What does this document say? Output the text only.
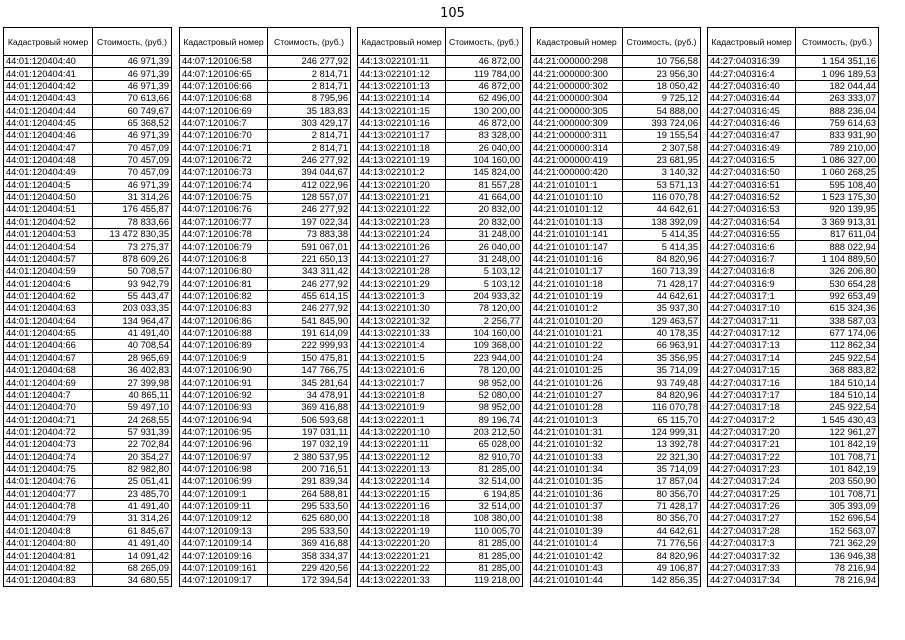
105
Кадастровый номер	Стоимость, (руб.)
44:01:120404:40	46 971,39
44:01:120404:41	46 971,39
44:01:120404:42	46 971,39
44:01:120404:43	70 613,66
44:01:120404:44	60 749,67
44:01:120404:45	65 368,52
44:01:120404:46	46 971,39
44:01:120404:47	70 457,09
44:01:120404:48	70 457,09
44:01:120404:49	70 457,09
44:01:120404:5	46 971,39
44:01:120404:50	31 314,26
44:01:120404:51	176 455,87
44:01:120404:52	78 833,66
44:01:120404:53	13 472 830,35
44:01:120404:54	73 275,37
44:01:120404:57	878 609,26
44:01:120404:59	50 708,57
44:01:120404:6	93 942,79
44:01:120404:62	55 443,47
44:01:120404:63	203 033,35
44:01:120404:64	134 964,47
44:01:120404:65	41 491,40
44:01:120404:66	40 708,54
44:01:120404:67	28 965,69
44:01:120404:68	36 402,83
44:01:120404:69	27 399,98
44:01:120404:7	40 865,11
44:01:120404:70	59 497,10
44:01:120404:71	24 268,55
44:01:120404:72	57 931,39
44:01:120404:73	22 702,84
44:01:120404:74	20 354,27
44:01:120404:75	82 982,80
44:01:120404:76	25 051,41
44:01:120404:77	23 485,70
44:01:120404:78	41 491,40
44:01:120404:79	31 314,26
44:01:120404:8	61 845,67
44:01:120404:80	41 491,40
44:01:120404:81	14 091,42
44:01:120404:82	68 265,09
44:01:120404:83	34 680,55
Кадастровый номер	Стоимость, (руб.)
44:07:120106:58	246 277,92
44:07:120106:65	2 814,71
44:07:120106:66	2 814,71
44:07:120106:68	8 795,96
44:07:120106:69	35 183,83
44:07:120106:7	303 429,17
44:07:120106:70	2 814,71
44:07:120106:71	2 814,71
44:07:120106:72	246 277,92
44:07:120106:73	394 044,67
44:07:120106:74	412 022,96
44:07:120106:75	128 557,07
44:07:120106:76	246 277,92
44:07:120106:77	197 022,34
44:07:120106:78	73 883,38
44:07:120106:79	591 067,01
44:07:120106:8	221 650,13
44:07:120106:80	343 311,42
44:07:120106:81	246 277,92
44:07:120106:82	455 614,15
44:07:120106:83	246 277,92
44:07:120106:86	541 845,90
44:07:120106:88	191 614,09
44:07:120106:89	222 999,93
44:07:120106:9	150 475,81
44:07:120106:90	147 766,75
44:07:120106:91	345 281,64
44:07:120106:92	34 478,91
44:07:120106:93	369 416,88
44:07:120106:94	506 593,68
44:07:120106:95	197 031,11
44:07:120106:96	197 032,19
44:07:120106:97	2 380 537,95
44:07:120106:98	200 716,51
44:07:120106:99	291 839,34
44:07:120109:1	264 588,81
44:07:120109:11	295 533,50
44:07:120109:12	625 680,00
44:07:120109:13	295 533,50
44:07:120109:14	369 416,88
44:07:120109:16	358 334,37
44:07:120109:161	229 420,56
44:07:120109:17	172 394,54
Кадастровый номер	Стоимость, (руб.)
44:13:022101:11	46 872,00
44:13:022101:12	119 784,00
44:13:022101:13	46 872,00
44:13:022101:14	62 496,00
44:13:022101:15	130 200,00
44:13:022101:16	46 872,00
44:13:022101:17	83 328,00
44:13:022101:18	26 040,00
44:13:022101:19	104 160,00
44:13:022101:2	145 824,00
44:13:022101:20	81 557,28
44:13:022101:21	41 664,00
44:13:022101:22	20 832,00
44:13:022101:23	20 832,00
44:13:022101:24	31 248,00
44:13:022101:26	26 040,00
44:13:022101:27	31 248,00
44:13:022101:28	5 103,12
44:13:022101:29	5 103,12
44:13:022101:3	204 933,32
44:13:022101:30	78 120,00
44:13:022101:32	2 256,77
44:13:022101:33	104 160,00
44:13:022101:4	109 368,00
44:13:022101:5	223 944,00
44:13:022101:6	78 120,00
44:13:022101:7	98 952,00
44:13:022101:8	52 080,00
44:13:022101:9	98 952,00
44:13:022201:1	89 196,74
44:13:022201:10	203 212,50
44:13:022201:11	65 028,00
44:13:022201:12	82 910,70
44:13:022201:13	81 285,00
44:13:022201:14	32 514,00
44:13:022201:15	6 194,85
44:13:022201:16	32 514,00
44:13:022201:18	108 380,00
44:13:022201:19	110 005,70
44:13:022201:20	81 285,00
44:13:022201:21	81 285,00
44:13:022201:22	81 285,00
44:13:022201:33	119 218,00
Кадастровый номер	Стоимость, (руб.)
44:21:000000:298	10 756,58
44:21:000000:300	23 956,30
44:21:000000:302	18 050,42
44:21:000000:304	9 725,12
44:21:000000:305	54 888,00
44:21:000000:309	393 724,06
44:21:000000:311	19 155,54
44:21:000000:314	2 307,58
44:21:000000:419	23 681,95
44:21:000000:420	3 140,32
44:21:010101:1	53 571,13
44:21:010101:10	116 070,78
44:21:010101:12	44 642,61
44:21:010101:13	138 392,09
44:21:010101:141	5 414,35
44:21:010101:147	5 414,35
44:21:010101:16	84 820,96
44:21:010101:17	160 713,39
44:21:010101:18	71 428,17
44:21:010101:19	44 642,61
44:21:010101:2	35 937,30
44:21:010101:20	129 463,57
44:21:010101:21	40 178,35
44:21:010101:22	66 963,91
44:21:010101:24	35 356,95
44:21:010101:25	35 714,09
44:21:010101:26	93 749,48
44:21:010101:27	84 820,96
44:21:010101:28	116 070,78
44:21:010101:3	65 115,70
44:21:010101:31	124 999,31
44:21:010101:32	13 392,78
44:21:010101:33	22 321,30
44:21:010101:34	35 714,09
44:21:010101:35	17 857,04
44:21:010101:36	80 356,70
44:21:010101:37	71 428,17
44:21:010101:38	80 356,70
44:21:010101:39	44 642,61
44:21:010101:4	71 776,56
44:21:010101:42	84 820,96
44:21:010101:43	49 106,87
44:21:010101:44	142 856,35
Кадастровый номер	Стоимость, (руб.)
44:27:040316:39	1 154 351,16
44:27:040316:4	1 096 189,53
44:27:040316:40	182 044,44
44:27:040316:44	263 333,07
44:27:040316:45	888 236,04
44:27:040316:46	759 614,63
44:27:040316:47	833 931,90
44:27:040316:49	789 210,00
44:27:040316:5	1 086 327,00
44:27:040316:50	1 060 268,25
44:27:040316:51	595 108,40
44:27:040316:52	1 523 175,30
44:27:040316:53	920 139,95
44:27:040316:54	3 369 913,31
44:27:040316:55	817 611,04
44:27:040316:6	888 022,94
44:27:040316:7	1 104 889,50
44:27:040316:8	326 206,80
44:27:040316:9	530 654,28
44:27:040317:1	992 653,49
44:27:040317:10	615 324,36
44:27:040317:11	338 587,03
44:27:040317:12	677 174,06
44:27:040317:13	112 862,34
44:27:040317:14	245 922,54
44:27:040317:15	368 883,82
44:27:040317:16	184 510,14
44:27:040317:17	184 510,14
44:27:040317:18	245 922,54
44:27:040317:2	1 545 430,43
44:27:040317:20	122 961,27
44:27:040317:21	101 842,19
44:27:040317:22	101 708,71
44:27:040317:23	101 842,19
44:27:040317:24	203 550,90
44:27:040317:25	101 708,71
44:27:040317:26	305 393,09
44:27:040317:27	152 696,54
44:27:040317:28	152 563,07
44:27:040317:3	721 362,29
44:27:040317:32	136 946,38
44:27:040317:33	78 216,94
44:27:040317:34	78 216,94
